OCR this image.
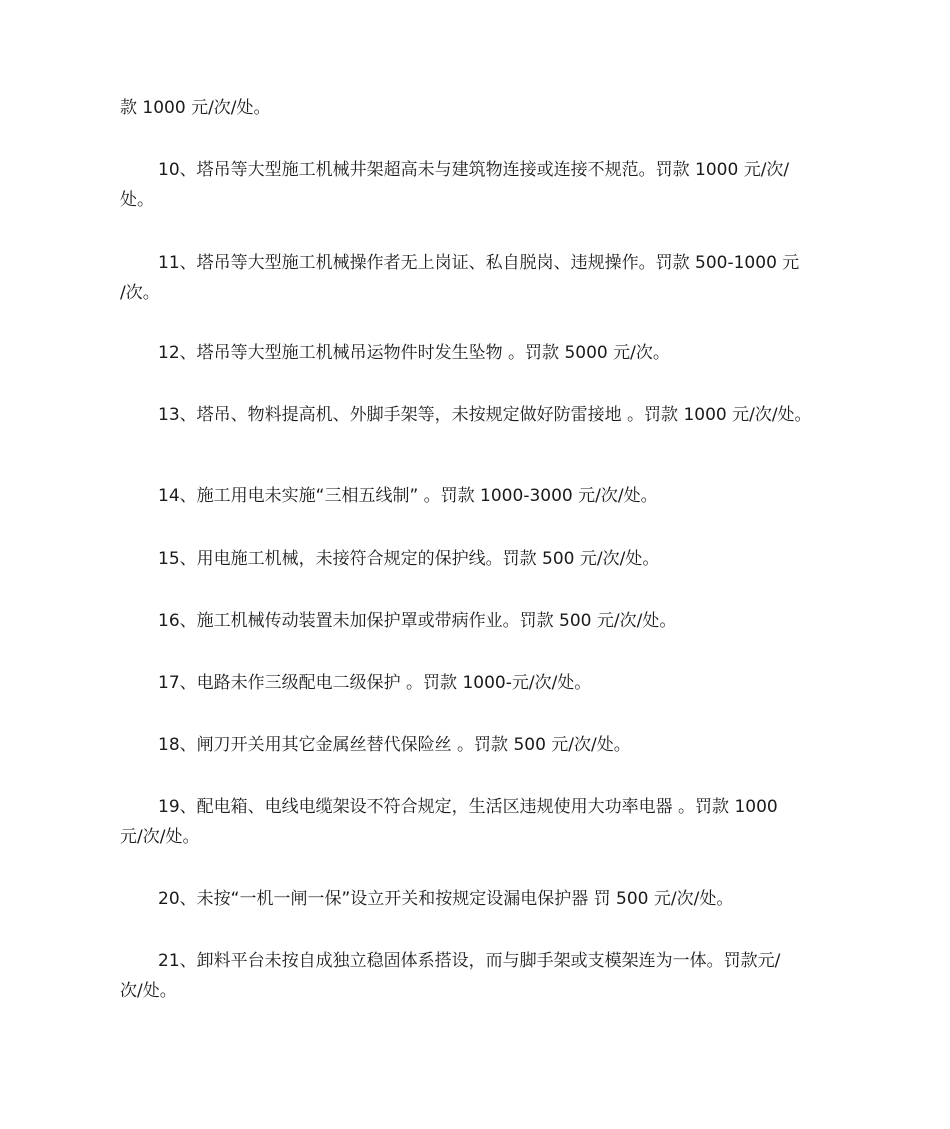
款 1000 元/次/处。
10、塔吊等大型施工机械井架超高未与建筑物连接或连接不规范。罚款 1000 元/次/
处。
11、塔吊等大型施工机械操作者无上岗证、私自脱岗、违规操作。罚款 500-1000 元
/次。
12、塔吊等大型施工机械吊运物件时发生坠物 。罚款 5000 元/次。
13、塔吊、物料提高机、外脚手架等，未按规定做好防雷接地 。罚款 1000 元/次/处。
14、施工用电未实施“三相五线制” 。罚款 1000-3000 元/次/处。
15、用电施工机械，未接符合规定的保护线。罚款 500 元/次/处。
16、施工机械传动装置未加保护罩或带病作业。罚款 500 元/次/处。
17、电路未作三级配电二级保护 。罚款 1000-元/次/处。
18、闸刀开关用其它金属丝替代保险丝 。罚款 500 元/次/处。
19、配电箱、电线电缆架设不符合规定，生活区违规使用大功率电器 。罚款 1000
元/次/处。
20、未按“一机一闸一保”设立开关和按规定设漏电保护器 罚 500 元/次/处。
21、卸料平台未按自成独立稳固体系搭设，而与脚手架或支模架连为一体。罚款元/
次/处。
